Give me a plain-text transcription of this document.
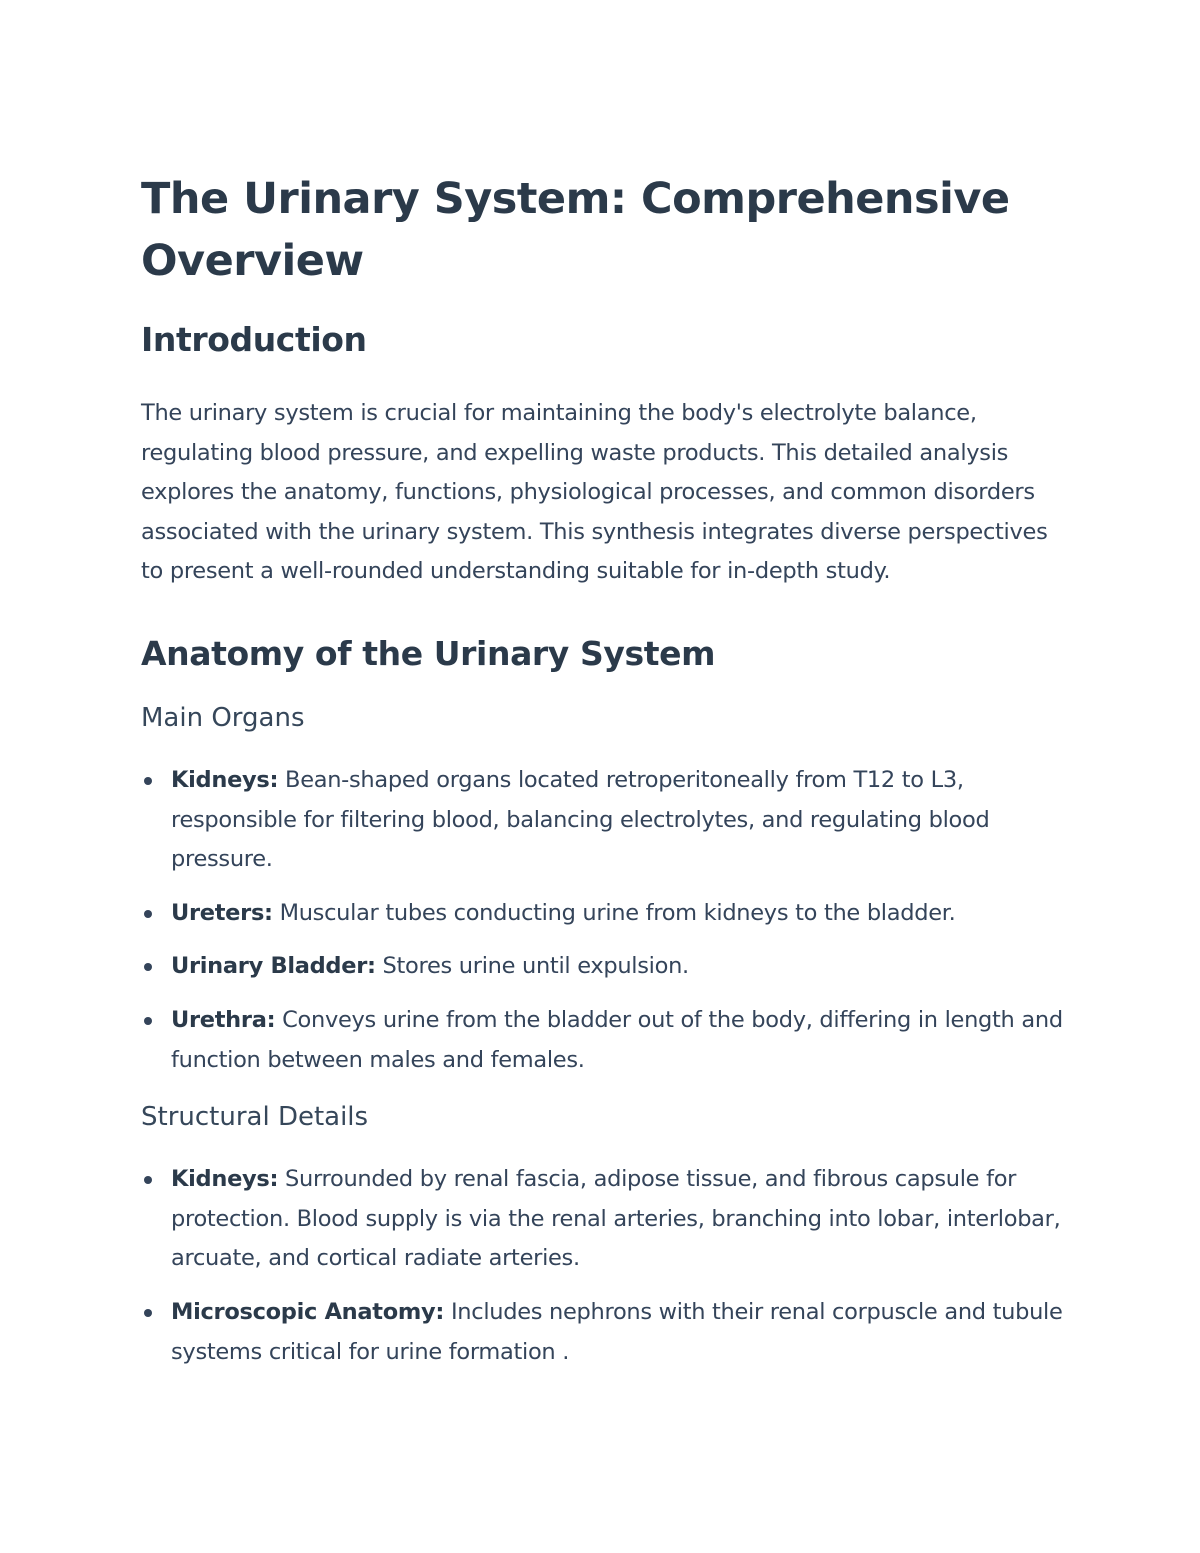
The Urinary System: Comprehensive Overview
Introduction

The urinary system is crucial for maintaining the body's electrolyte balance, regulating blood pressure, and expelling waste products. This detailed analysis explores the anatomy, functions, physiological processes, and common disorders associated with the urinary system. This synthesis integrates diverse perspectives to present a well-rounded understanding suitable for in-depth study.

Anatomy of the Urinary System
Main Organs
Kidneys: Bean-shaped organs located retroperitoneally from T12 to L3, responsible for filtering blood, balancing electrolytes, and regulating blood pressure.
Ureters: Muscular tubes conducting urine from kidneys to the bladder.
Urinary Bladder: Stores urine until expulsion.
Urethra: Conveys urine from the bladder out of the body, differing in length and function between males and females.
Structural Details
Kidneys: Surrounded by renal fascia, adipose tissue, and fibrous capsule for protection. Blood supply is via the renal arteries, branching into lobar, interlobar, arcuate, and cortical radiate arteries.
Microscopic Anatomy: Includes nephrons with their renal corpuscle and tubule systems critical for urine formation .
